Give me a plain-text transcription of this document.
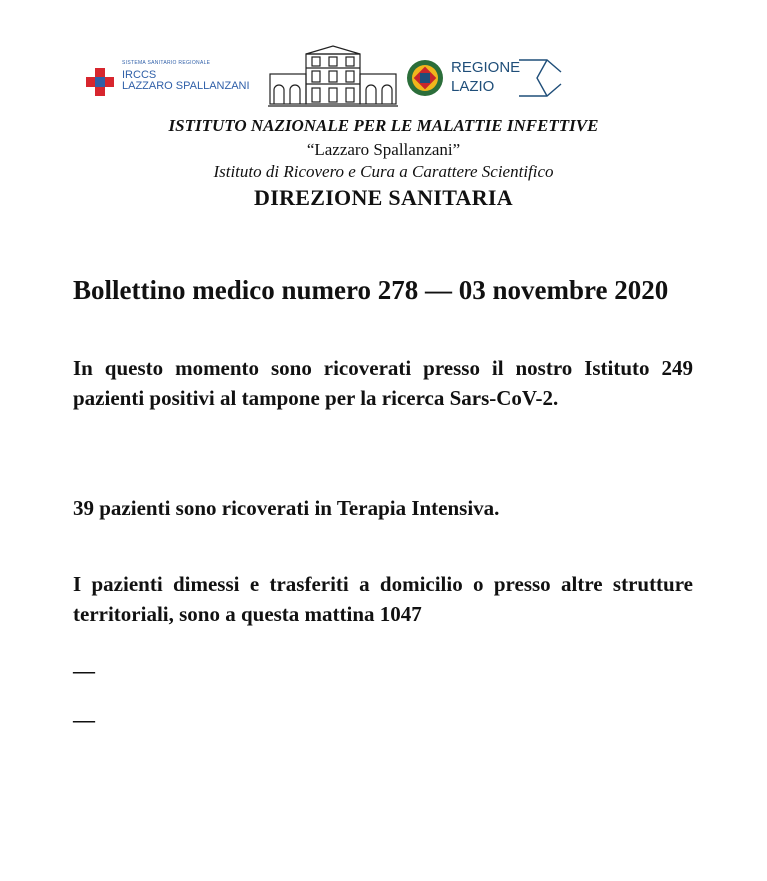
SISTEMA SANITARIO REGIONALE
IRCCS
LAZZARO SPALLANZANI
REGIONE
LAZIO
ISTITUTO NAZIONALE PER LE MALATTIE INFETTIVE
“Lazzaro Spallanzani”
Istituto di Ricovero e Cura a Carattere Scientifico
DIREZIONE SANITARIA
Bollettino medico numero 278 — 03 novembre 2020
In questo momento sono ricoverati presso il nostro Istituto 249 pazienti positivi al tampone per la ricerca Sars-CoV-2.
39 pazienti sono ricoverati in Terapia Intensiva.
I pazienti dimessi e trasferiti a domicilio o presso altre strutture territoriali, sono a questa mattina 1047
—
—
